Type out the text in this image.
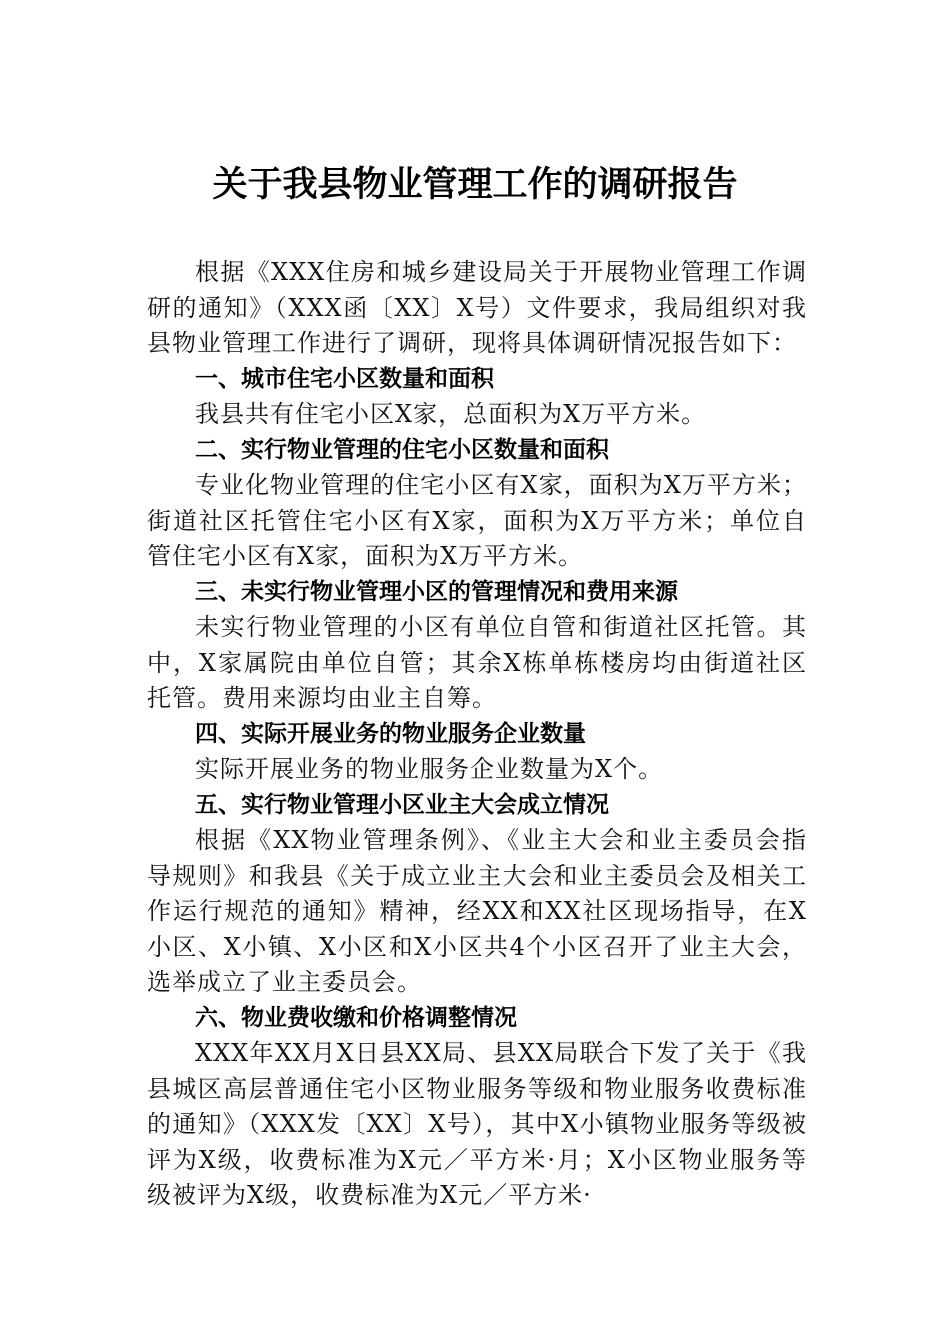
关于我县物业管理工作的调研报告

根据《XXX住房和城乡建设局关于开展物业管理工作调研的通知》（XXX函〔XX〕X号）文件要求，我局组织对我县物业管理工作进行了调研，现将具体调研情况报告如下：

一、城市住宅小区数量和面积

我县共有住宅小区X家，总面积为X万平方米。

二、实行物业管理的住宅小区数量和面积

专业化物业管理的住宅小区有X家，面积为X万平方米；街道社区托管住宅小区有X家，面积为X万平方米；单位自管住宅小区有X家，面积为X万平方米。

三、未实行物业管理小区的管理情况和费用来源

未实行物业管理的小区有单位自管和街道社区托管。其中，X家属院由单位自管；其余X栋单栋楼房均由街道社区托管。费用来源均由业主自筹。

四、实际开展业务的物业服务企业数量

实际开展业务的物业服务企业数量为X个。

五、实行物业管理小区业主大会成立情况

根据《XX物业管理条例》、《业主大会和业主委员会指导规则》和我县《关于成立业主大会和业主委员会及相关工作运行规范的通知》精神，经XX和XX社区现场指导，在X小区、X小镇、X小区和X小区共4个小区召开了业主大会，选举成立了业主委员会。

六、物业费收缴和价格调整情况

XXX年XX月X日县XX局、县XX局联合下发了关于《我县城区高层普通住宅小区物业服务等级和物业服务收费标准的通知》（XXX发〔XX〕X号），其中X小镇物业服务等级被评为X级，收费标准为X元／平方米·月；X小区物业服务等级被评为X级，收费标准为X元／平方米·
